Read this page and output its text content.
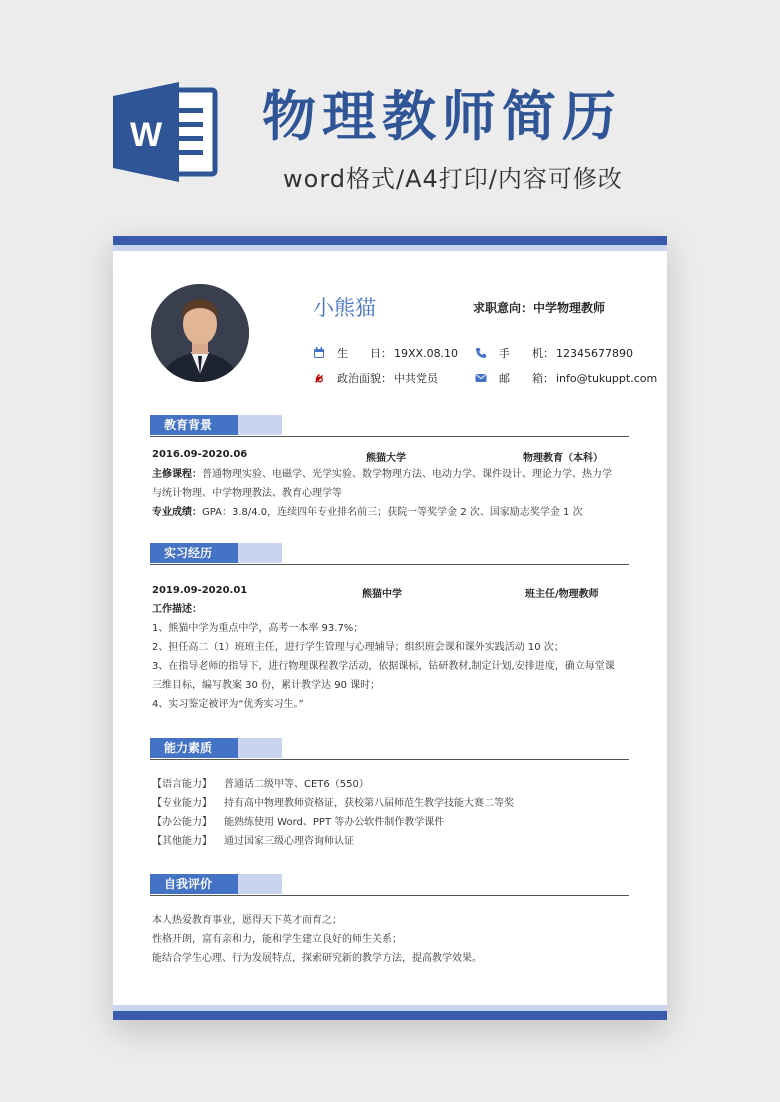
W 物理教师简历
word格式/A4打印/内容可修改
小熊猫	求职意向：中学物理教师
生　　日： 19XX.08.10	手　　机： 12345677890
政治面貌： 中共党员	邮　　箱： info@tukuppt.com
教育背景
2016.09-2020.06	熊猫大学	物理教育（本科）
主修课程：普通物理实验、电磁学、光学实验、数学物理方法、电动力学、课件设计、理论力学、热力学
与统计物理、中学物理教法、教育心理学等
专业成绩：GPA：3.8/4.0，连续四年专业排名前三；获院一等奖学金 2 次、国家励志奖学金 1 次
实习经历
2019.09-2020.01	熊猫中学	班主任/物理教师
工作描述：
1、熊猫中学为重点中学，高考一本率 93.7%；
2、担任高二（1）班班主任，进行学生管理与心理辅导；组织班会课和课外实践活动 10 次；
3、在指导老师的指导下，进行物理课程教学活动，依据课标，钻研教材,制定计划,安排进度，确立每堂课
三维目标，编写教案 30 份，累计教学达 90 课时；
4、实习鉴定被评为“优秀实习生。”
能力素质
【语言能力】 普通话二级甲等、CET6（550）
【专业能力】 持有高中物理教师资格证，获校第八届师范生教学技能大赛二等奖
【办公能力】 能熟练使用 Word、PPT 等办公软件制作教学课件
【其他能力】 通过国家三级心理咨询师认证
自我评价
本人热爱教育事业，愿得天下英才而育之；
性格开朗，富有亲和力，能和学生建立良好的师生关系；
能结合学生心理、行为发展特点，探索研究新的教学方法，提高教学效果。
